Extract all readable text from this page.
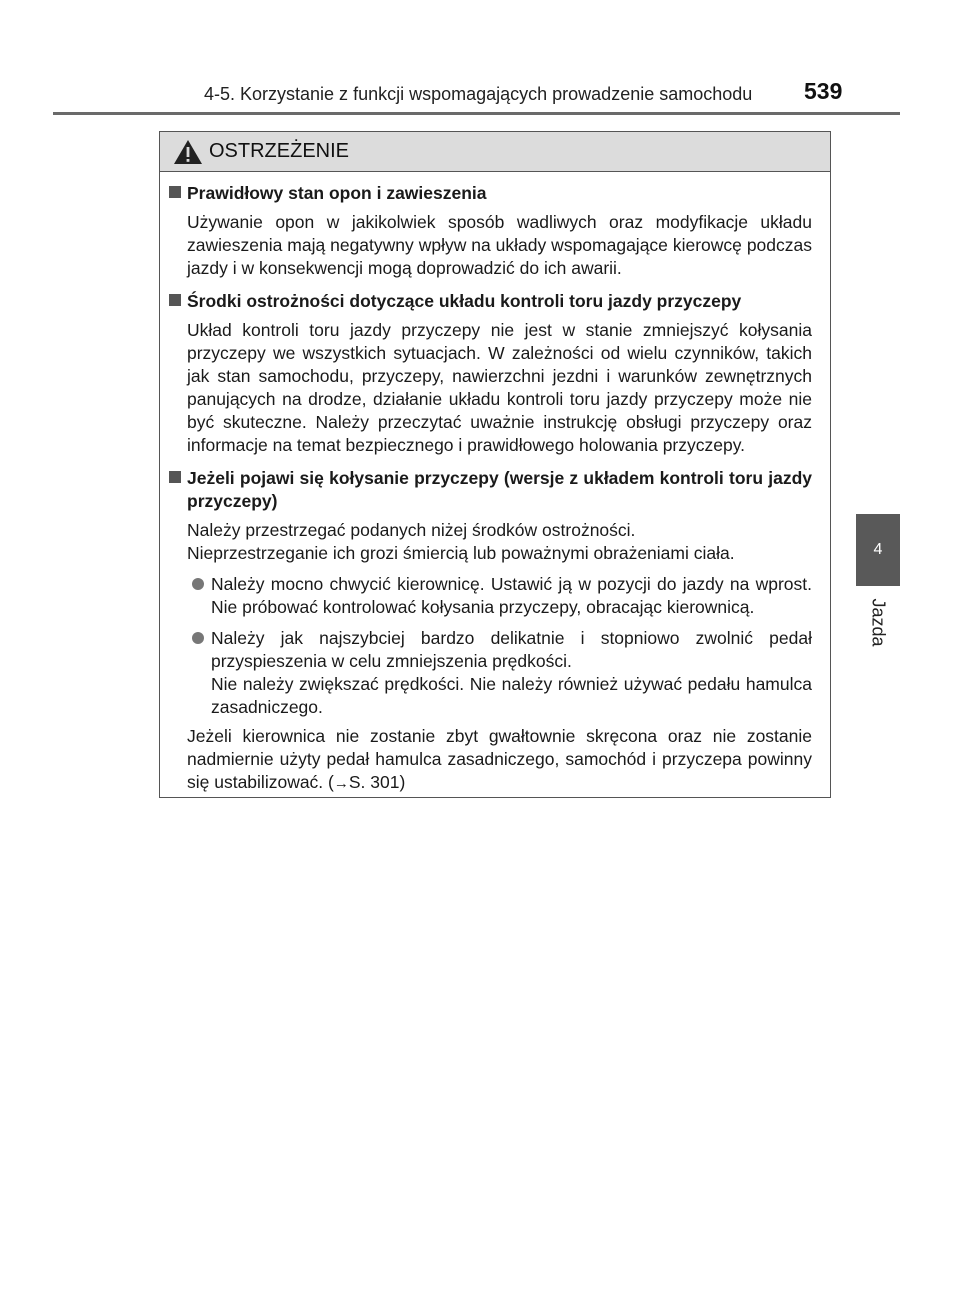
4-5. Korzystanie z funkcji wspomagających prowadzenie samochodu	539
4
Jazda
OSTRZEŻENIE
Prawidłowy stan opon i zawieszenia
Używanie opon w jakikolwiek sposób wadliwych oraz modyfikacje układu zawieszenia mają negatywny wpływ na układy wspomagające kierowcę podczas jazdy i w konsekwencji mogą doprowadzić do ich awarii.
Środki ostrożności dotyczące układu kontroli toru jazdy przyczepy
Układ kontroli toru jazdy przyczepy nie jest w stanie zmniejszyć kołysania przyczepy we wszystkich sytuacjach. W zależności od wielu czynników, takich jak stan samochodu, przyczepy, nawierzchni jezdni i warunków zewnętrznych panujących na drodze, działanie układu kontroli toru jazdy przyczepy może nie być skuteczne. Należy przeczytać uważnie instrukcję obsługi przyczepy oraz informacje na temat bezpiecznego i prawidłowego holowania przyczepy.
Jeżeli pojawi się kołysanie przyczepy (wersje z układem kontroli toru jazdy przyczepy)
Należy przestrzegać podanych niżej środków ostrożności.
Nieprzestrzeganie ich grozi śmiercią lub poważnymi obrażeniami ciała.
Należy mocno chwycić kierownicę. Ustawić ją w pozycji do jazdy na wprost. Nie próbować kontrolować kołysania przyczepy, obracając kierownicą.
Należy jak najszybciej bardzo delikatnie i stopniowo zwolnić pedał przyspieszenia w celu zmniejszenia prędkości.
Nie należy zwiększać prędkości. Nie należy również używać pedału hamulca zasadniczego.
Jeżeli kierownica nie zostanie zbyt gwałtownie skręcona oraz nie zostanie nadmiernie użyty pedał hamulca zasadniczego, samochód i przyczepa powinny się ustabilizować. (→S. 301)
